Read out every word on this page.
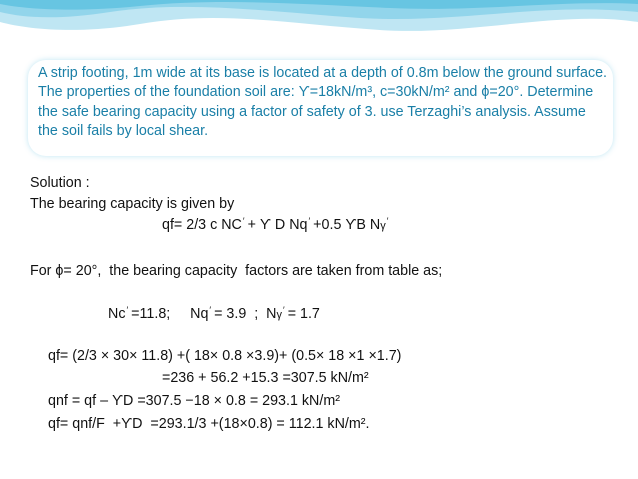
A strip footing, 1m wide at its base is located at a depth of 0.8m below the ground surface. The properties of the foundation soil are: ϒ=18kN/m³, c=30kN/m² and ϕ=20°. Determine the safe bearing capacity using a factor of safety of 3. use Terzaghi’s analysis. Assume the soil fails by local shear.
Solution :
The bearing capacity is given by
qf= 2/3 c NC′ + ϒ D Nq′ +0.5 ϒB Nγ′
For ϕ= 20°,  the bearing capacity  factors are taken from table as;
Nc′ =11.8; Nq′ = 3.9  ;  Nγ′ = 1.7
qf= (2/3 × 30× 11.8) +( 18× 0.8 ×3.9)+ (0.5× 18 ×1 ×1.7)
=236 + 56.2 +15.3 =307.5 kN/m²
qnf = qf – ϒD =307.5 −18 × 0.8 = 293.1 kN/m²
qf= qnf/F  +ϒD  =293.1/3 +(18×0.8) = 112.1 kN/m².
